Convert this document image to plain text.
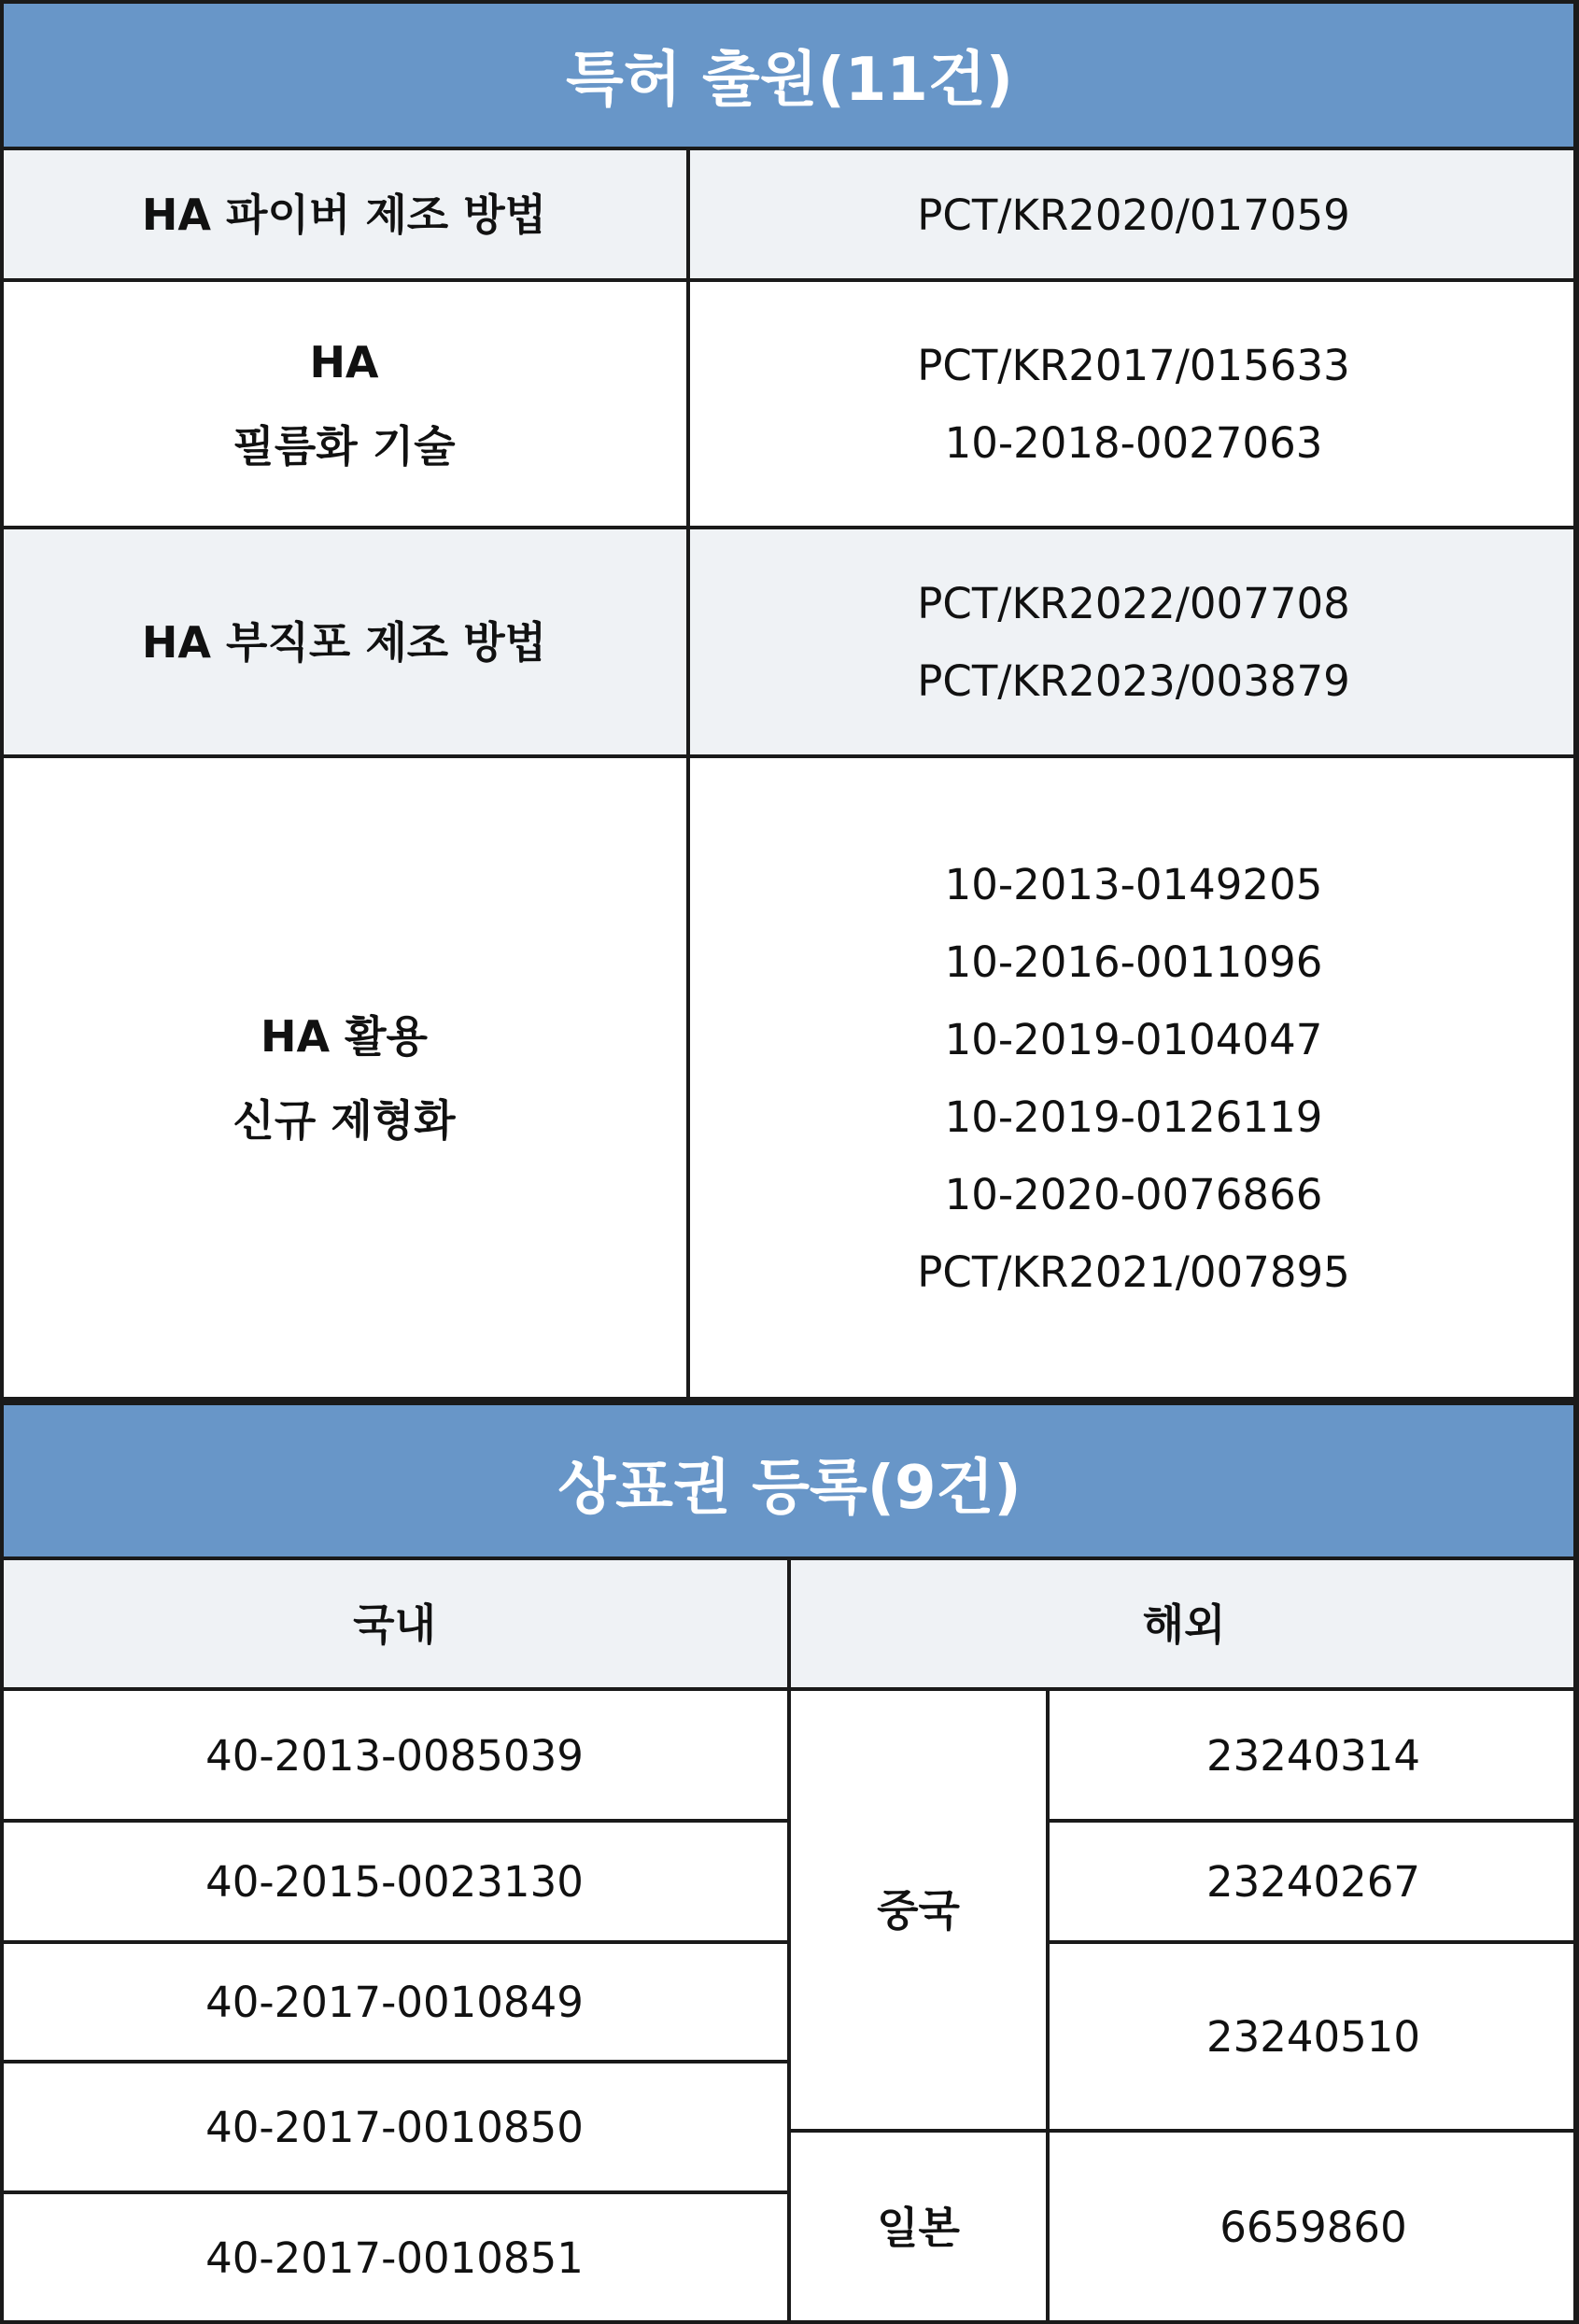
특허 출원(11건)
HA 파이버 제조 방법	PCT/KR2020/017059
HA
필름화 기술
PCT/KR2017/015633
10-2018-0027063
HA 부직포 제조 방법
PCT/KR2022/007708
PCT/KR2023/003879
HA 활용
신규 제형화
10-2013-0149205
10-2016-0011096
10-2019-0104047
10-2019-0126119
10-2020-0076866
PCT/KR2021/007895
상표권 등록(9건)
국내	해외
40-2013-0085039
40-2015-0023130
40-2017-0010849
40-2017-0010850
40-2017-0010851
중국
일본
23240314
23240267
23240510
6659860
